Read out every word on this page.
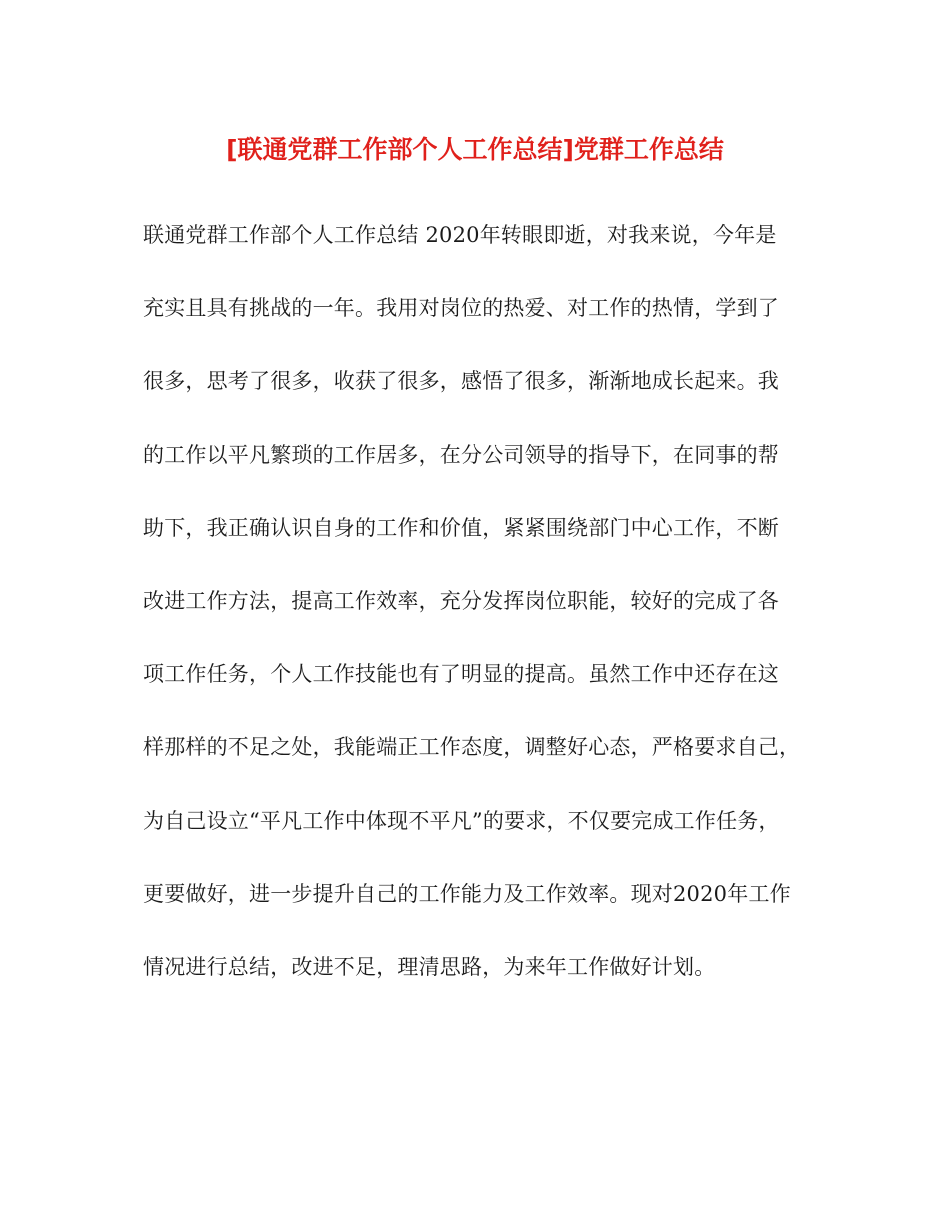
[联通党群工作部个人工作总结]党群工作总结
联通党群工作部个人工作总结 2020年转眼即逝，对我来说，今年是
充实且具有挑战的一年。我用对岗位的热爱、对工作的热情，学到了
很多，思考了很多，收获了很多，感悟了很多，渐渐地成长起来。我
的工作以平凡繁琐的工作居多，在分公司领导的指导下，在同事的帮
助下，我正确认识自身的工作和价值，紧紧围绕部门中心工作，不断
改进工作方法，提高工作效率，充分发挥岗位职能，较好的完成了各
项工作任务，个人工作技能也有了明显的提高。虽然工作中还存在这
样那样的不足之处，我能端正工作态度，调整好心态，严格要求自己，
为自己设立“平凡工作中体现不平凡”的要求，不仅要完成工作任务，
更要做好，进一步提升自己的工作能力及工作效率。现对2020年工作
情况进行总结，改进不足，理清思路，为来年工作做好计划。
